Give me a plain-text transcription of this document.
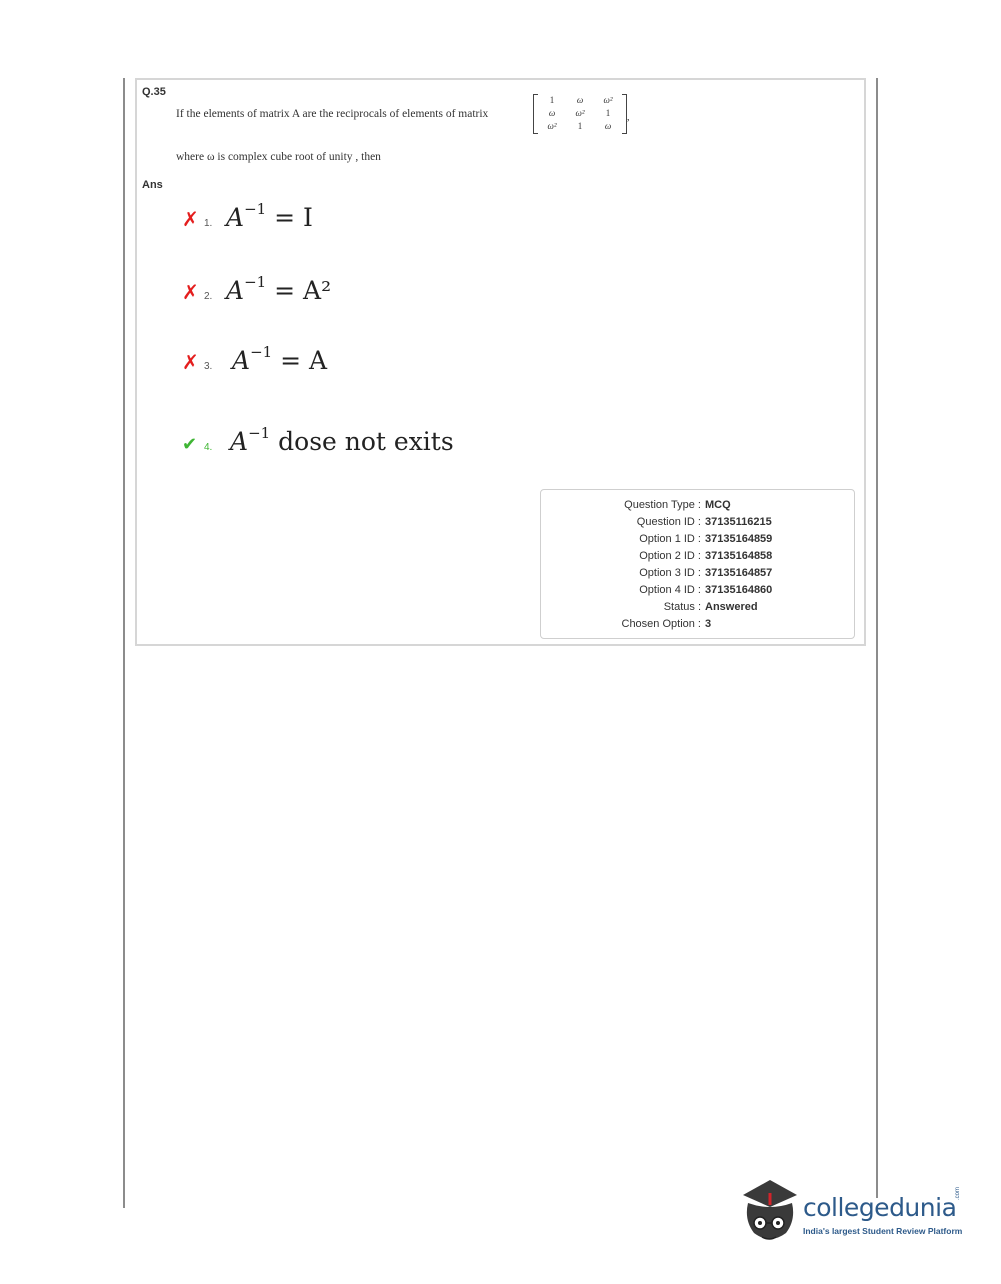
Q.35
If the elements of matrix A are the reciprocals of elements of matrix
1	ω	ω²
ω	ω²	1
ω²	1	ω
,
where ω is complex cube root of unity , then
Ans
✗ 1. $A^{-1} = I$
✗ 2. $A^{-1} = A^2$
✗ 3. $A^{-1} = A$
✔ 4. $A^{-1}$ dose not exits
Question Type : MCQ
Question ID : 37135116215
Option 1 ID : 37135164859
Option 2 ID : 37135164858
Option 3 ID : 37135164857
Option 4 ID : 37135164860
Status : Answered
Chosen Option : 3
collegedunia
.com
India's largest Student Review Platform
